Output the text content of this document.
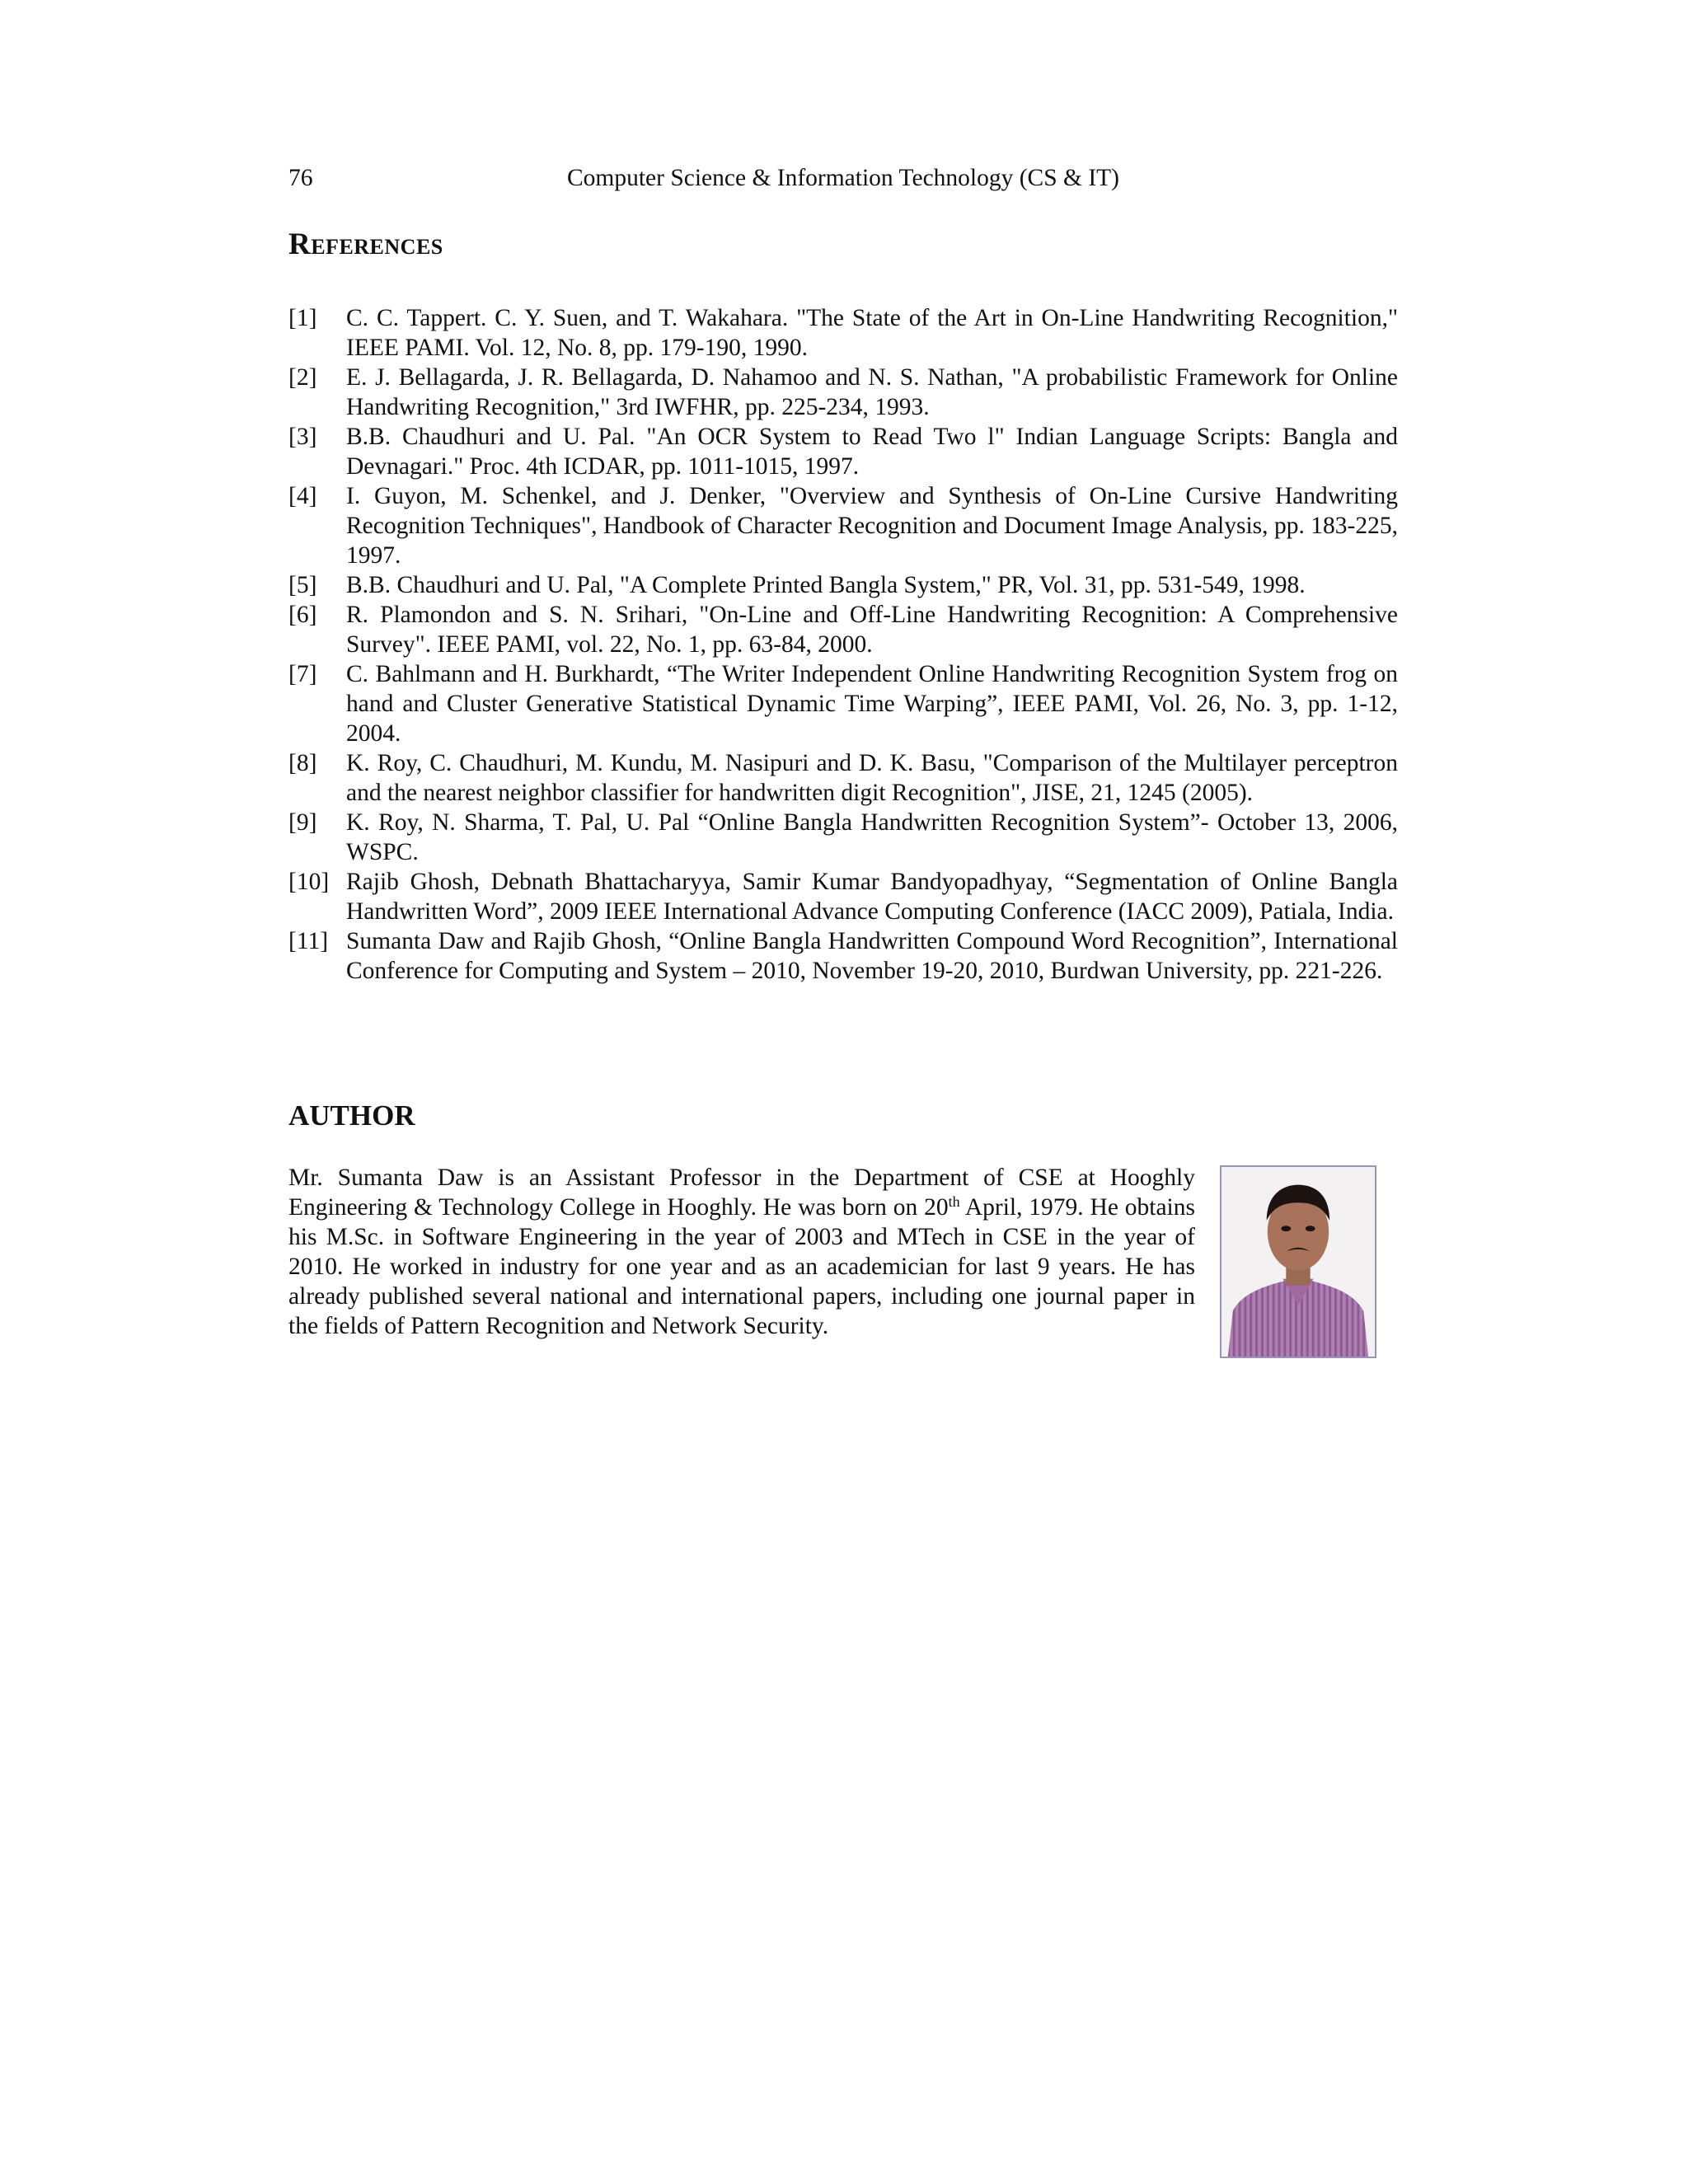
76	Computer Science & Information Technology (CS & IT)
References
[1]	C. C. Tappert. C. Y. Suen, and T. Wakahara. "The State of the Art in On-Line Handwriting Recognition," IEEE PAMI. Vol. 12, No. 8, pp. 179-190, 1990.
[2]	E. J. Bellagarda, J. R. Bellagarda, D. Nahamoo and N. S. Nathan, "A probabilistic Framework for Online Handwriting Recognition," 3rd IWFHR, pp. 225-234, 1993.
[3]	B.B. Chaudhuri and U. Pal. "An OCR System to Read Two l" Indian Language Scripts: Bangla and Devnagari." Proc. 4th ICDAR, pp. 1011-1015, 1997.
[4]	I. Guyon, M. Schenkel, and J. Denker, "Overview and Synthesis of On-Line Cursive Handwriting Recognition Techniques", Handbook of Character Recognition and Document Image Analysis, pp. 183-225, 1997.
[5]	B.B. Chaudhuri and U. Pal, "A Complete Printed Bangla System," PR, Vol. 31, pp. 531-549, 1998.
[6]	R. Plamondon and S. N. Srihari, "On-Line and Off-Line Handwriting Recognition: A Comprehensive Survey". IEEE PAMI, vol. 22, No. 1, pp. 63-84, 2000.
[7]	C. Bahlmann and H. Burkhardt, “The Writer Independent Online Handwriting Recognition System frog on hand and Cluster Generative Statistical Dynamic Time Warping”, IEEE PAMI, Vol. 26, No. 3, pp. 1-12, 2004.
[8]	K. Roy, C. Chaudhuri, M. Kundu, M. Nasipuri and D. K. Basu, "Comparison of the Multilayer perceptron and the nearest neighbor classifier for handwritten digit Recognition", JISE, 21, 1245 (2005).
[9]	K. Roy, N. Sharma, T. Pal, U. Pal “Online Bangla Handwritten Recognition System”- October 13, 2006, WSPC.
[10] Rajib Ghosh, Debnath Bhattacharyya, Samir Kumar Bandyopadhyay, “Segmentation of Online Bangla Handwritten Word”, 2009 IEEE International Advance Computing Conference (IACC 2009), Patiala, India.
[11] Sumanta Daw and Rajib Ghosh, “Online Bangla Handwritten Compound Word Recognition”, International Conference for Computing and System – 2010, November 19-20, 2010, Burdwan University, pp. 221-226.
AUTHOR

Mr. Sumanta Daw is an Assistant Professor in the Department of CSE at Hooghly Engineering & Technology College in Hooghly. He was born on 20th April, 1979. He obtains his M.Sc. in Software Engineering in the year of 2003 and MTech in CSE in the year of 2010. He worked in industry for one year and as an academician for last 9 years. He has already published several national and international papers, including one journal paper in the fields of Pattern Recognition and Network Security.
